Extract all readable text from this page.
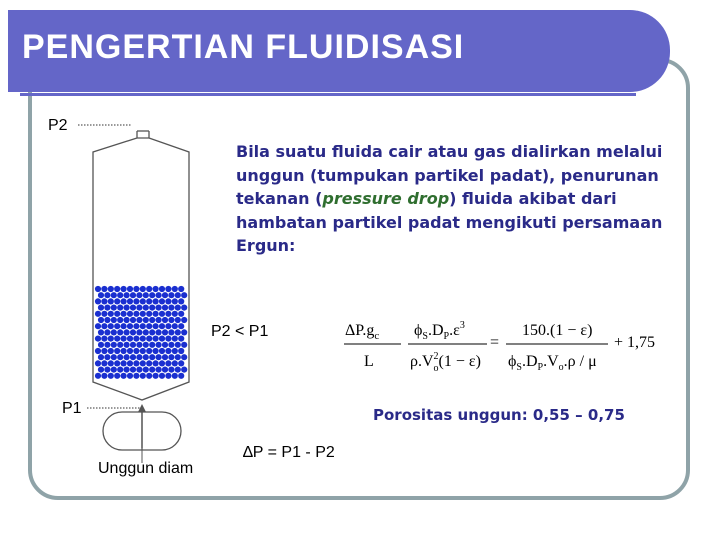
PENGERTIAN FLUIDISASI
$\Delta P.g_c$
L
$\phi_S.D_P.\varepsilon^3$
$\rho.V^2$ o(1 − ε)
=
150.(1 − ε)
$\phi_S.D_P.V_o.\rho$ / μ
+ 1,75
P2
P1
P2 < P1
Unggun diam
∆P = P1 - P2
Bila suatu fluida cair atau gas dialirkan melalui unggun (tumpukan partikel padat), penurunan tekanan (pressure drop) fluida akibat dari hambatan partikel padat mengikuti persamaan Ergun:
Porositas unggun: 0,55 – 0,75
